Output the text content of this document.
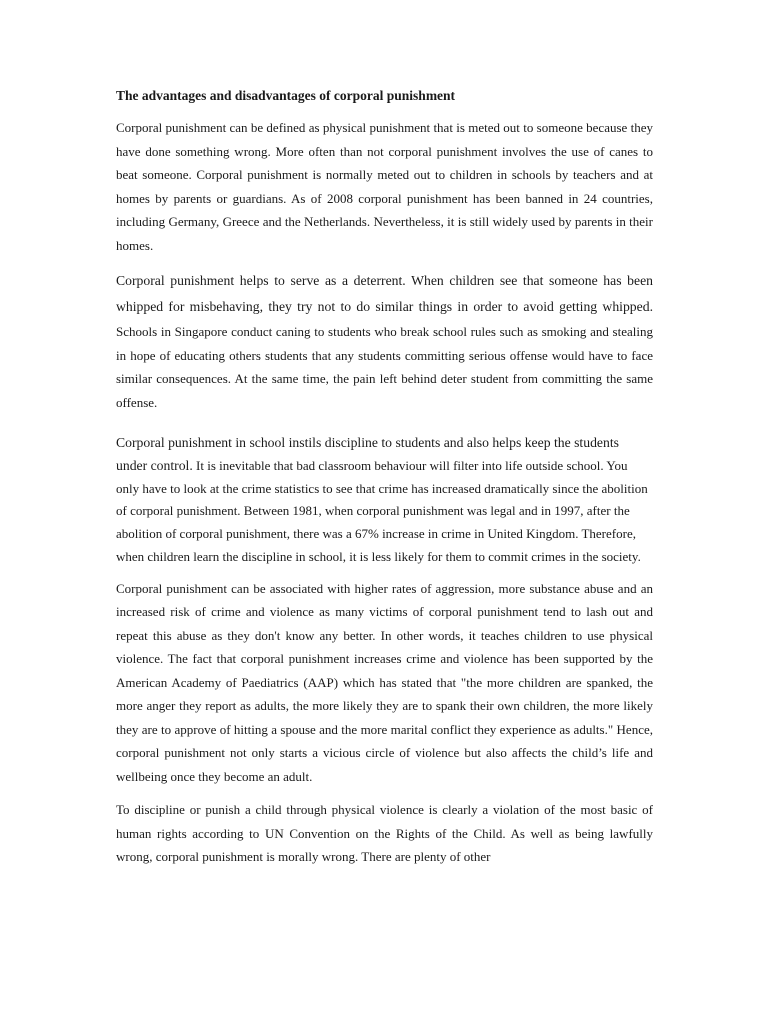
The advantages and disadvantages of corporal punishment

Corporal punishment can be defined as physical punishment that is meted out to someone because they have done something wrong. More often than not corporal punishment involves the use of canes to beat someone. Corporal punishment is normally meted out to children in schools by teachers and at homes by parents or guardians. As of 2008 corporal punishment has been banned in 24 countries, including Germany, Greece and the Netherlands. Nevertheless, it is still widely used by parents in their homes.

Corporal punishment helps to serve as a deterrent. When children see that someone has been whipped for misbehaving, they try not to do similar things in order to avoid getting whipped. Schools in Singapore conduct caning to students who break school rules such as smoking and stealing in hope of educating others students that any students committing serious offense would have to face similar consequences. At the same time, the pain left behind deter student from committing the same offense.

Corporal punishment in school instils discipline to students and also helps keep the students under control. It is inevitable that bad classroom behaviour will filter into life outside school. You only have to look at the crime statistics to see that crime has increased dramatically since the abolition of corporal punishment. Between 1981, when corporal punishment was legal and in 1997, after the abolition of corporal punishment, there was a 67% increase in crime in United Kingdom. Therefore, when children learn the discipline in school, it is less likely for them to commit crimes in the society.

Corporal punishment can be associated with higher rates of aggression, more substance abuse and an increased risk of crime and violence as many victims of corporal punishment tend to lash out and repeat this abuse as they don't know any better. In other words, it teaches children to use physical violence. The fact that corporal punishment increases crime and violence has been supported by the American Academy of Paediatrics (AAP) which has stated that "the more children are spanked, the more anger they report as adults, the more likely they are to spank their own children, the more likely they are to approve of hitting a spouse and the more marital conflict they experience as adults." Hence, corporal punishment not only starts a vicious circle of violence but also affects the child’s life and wellbeing once they become an adult.

To discipline or punish a child through physical violence is clearly a violation of the most basic of human rights according to UN Convention on the Rights of the Child. As well as being lawfully wrong, corporal punishment is morally wrong. There are plenty of other
